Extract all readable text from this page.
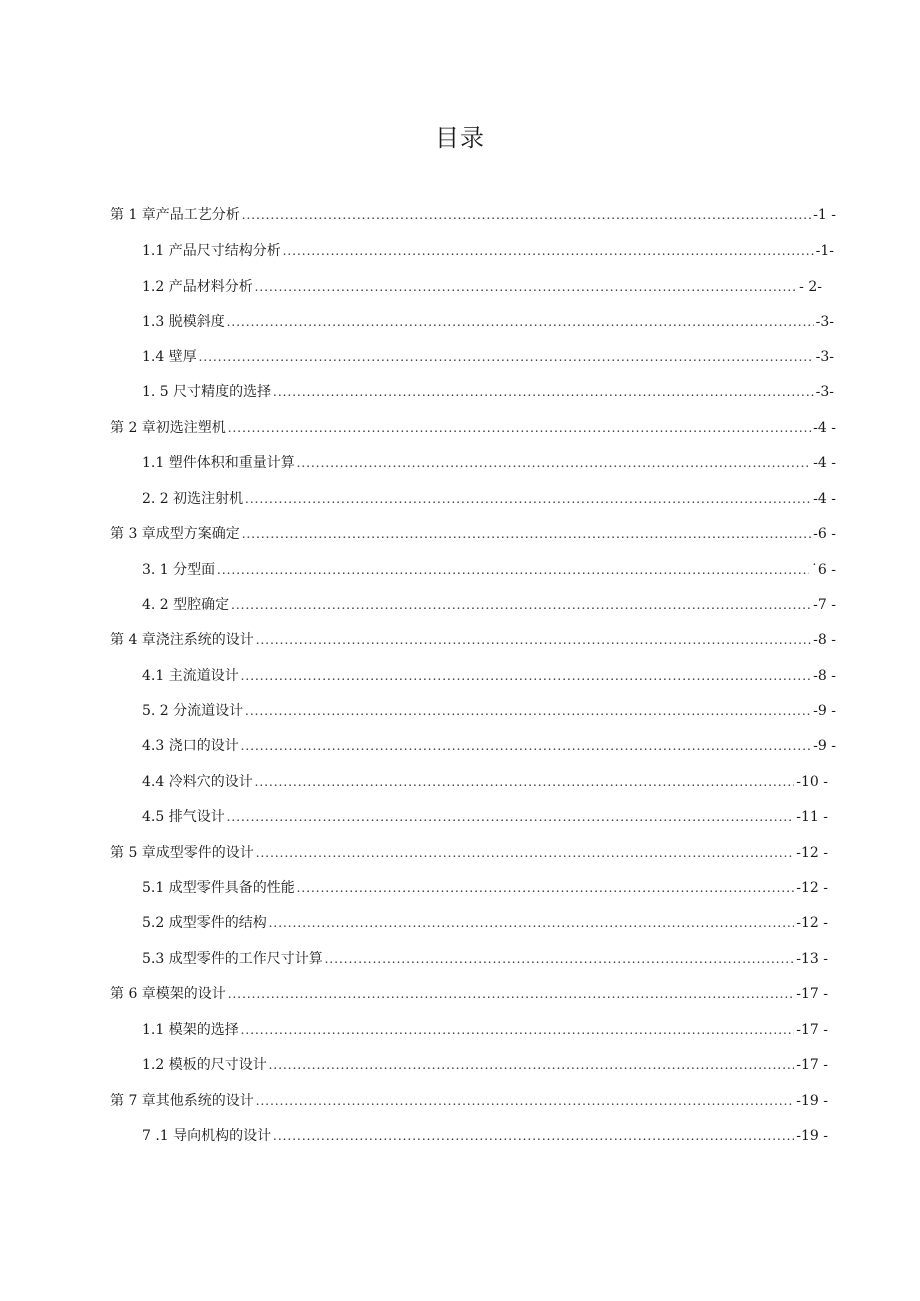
目录
第 1 章产品工艺分析 .....	-1 -
1.1 产品尺寸结构分析 .....	-1-
1.2 产品材料分析 .....	- 2-
1.3 脱模斜度 .....	-3-
1.4 壁厚 .....	-3-
1. 5 尺寸精度的选择 .....	-3-
第 2 章初选注塑机 .....	-4 -
1.1 塑件体积和重量计算 .....	-4 -
2. 2 初选注射机 .....	-4 -
第 3 章成型方案确定 .....	-6 -
3. 1 分型面 .....	˙6 -
4. 2 型腔确定 .....	-7 -
第 4 章浇注系统的设计 .....	-8 -
4.1 主流道设计 .....	-8 -
5. 2 分流道设计 .....	-9 -
4.3 浇口的设计 .....	-9 -
4.4 冷料穴的设计 .....	-10 -
4.5 排气设计 .....	-11 -
第 5 章成型零件的设计 .....	-12 -
5.1 成型零件具备的性能 .....	-12 -
5.2 成型零件的结构 .....	-12 -
5.3 成型零件的工作尺寸计算 .....	-13 -
第 6 章模架的设计 .....	-17 -
1.1 模架的选择 .....	-17 -
1.2 模板的尺寸设计 .....	-17 -
第 7 章其他系统的设计 .....	-19 -
7 .1 导向机构的设计 .....	-19 -
